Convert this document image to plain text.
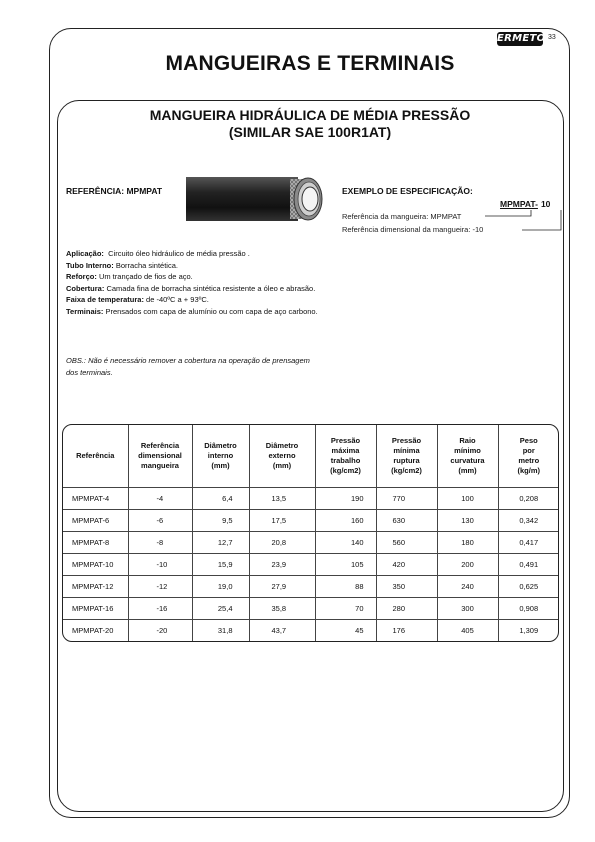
ERMETO 33
MANGUEIRAS E TERMINAIS
MANGUEIRA HIDRÁULICA DE MÉDIA PRESSÃO
(SIMILAR SAE 100R1AT)
REFERÊNCIA: MPMPAT	EXEMPLO DE ESPECIFICAÇÃO:
MPMPAT- 10
Referência da mangueira: MPMPAT
Referência dimensional da mangueira: -10

Aplicação: Circuito óleo hidráulico de média pressão .

Tubo Interno: Borracha sintética.

Reforço: Um trançado de fios de aço.

Cobertura: Camada fina de borracha sintética resistente a óleo e abrasão.

Faixa de temperatura: de -40ºC a + 93ºC.

Terminais: Prensados com capa de alumínio ou com capa de aço carbono.

OBS.: Não é necessário remover a cobertura na operação de prensagem dos terminais.
Referência	Referência
dimensional
mangueira	Diâmetro
interno
(mm)	Diâmetro
externo
(mm)	Pressão
máxima
trabalho
(kg/cm2)	Pressão
mínima
ruptura
(kg/cm2)	Raio
mínimo
curvatura
(mm)	Peso
por
metro
(kg/m)
MPMPAT-4	-4	6,4	13,5	190	770	100	0,208
MPMPAT-6	-6	9,5	17,5	160	630	130	0,342
MPMPAT-8	-8	12,7	20,8	140	560	180	0,417
MPMPAT-10	-10	15,9	23,9	105	420	200	0,491
MPMPAT-12	-12	19,0	27,9	88	350	240	0,625
MPMPAT-16	-16	25,4	35,8	70	280	300	0,908
MPMPAT-20	-20	31,8	43,7	45	176	405	1,309
